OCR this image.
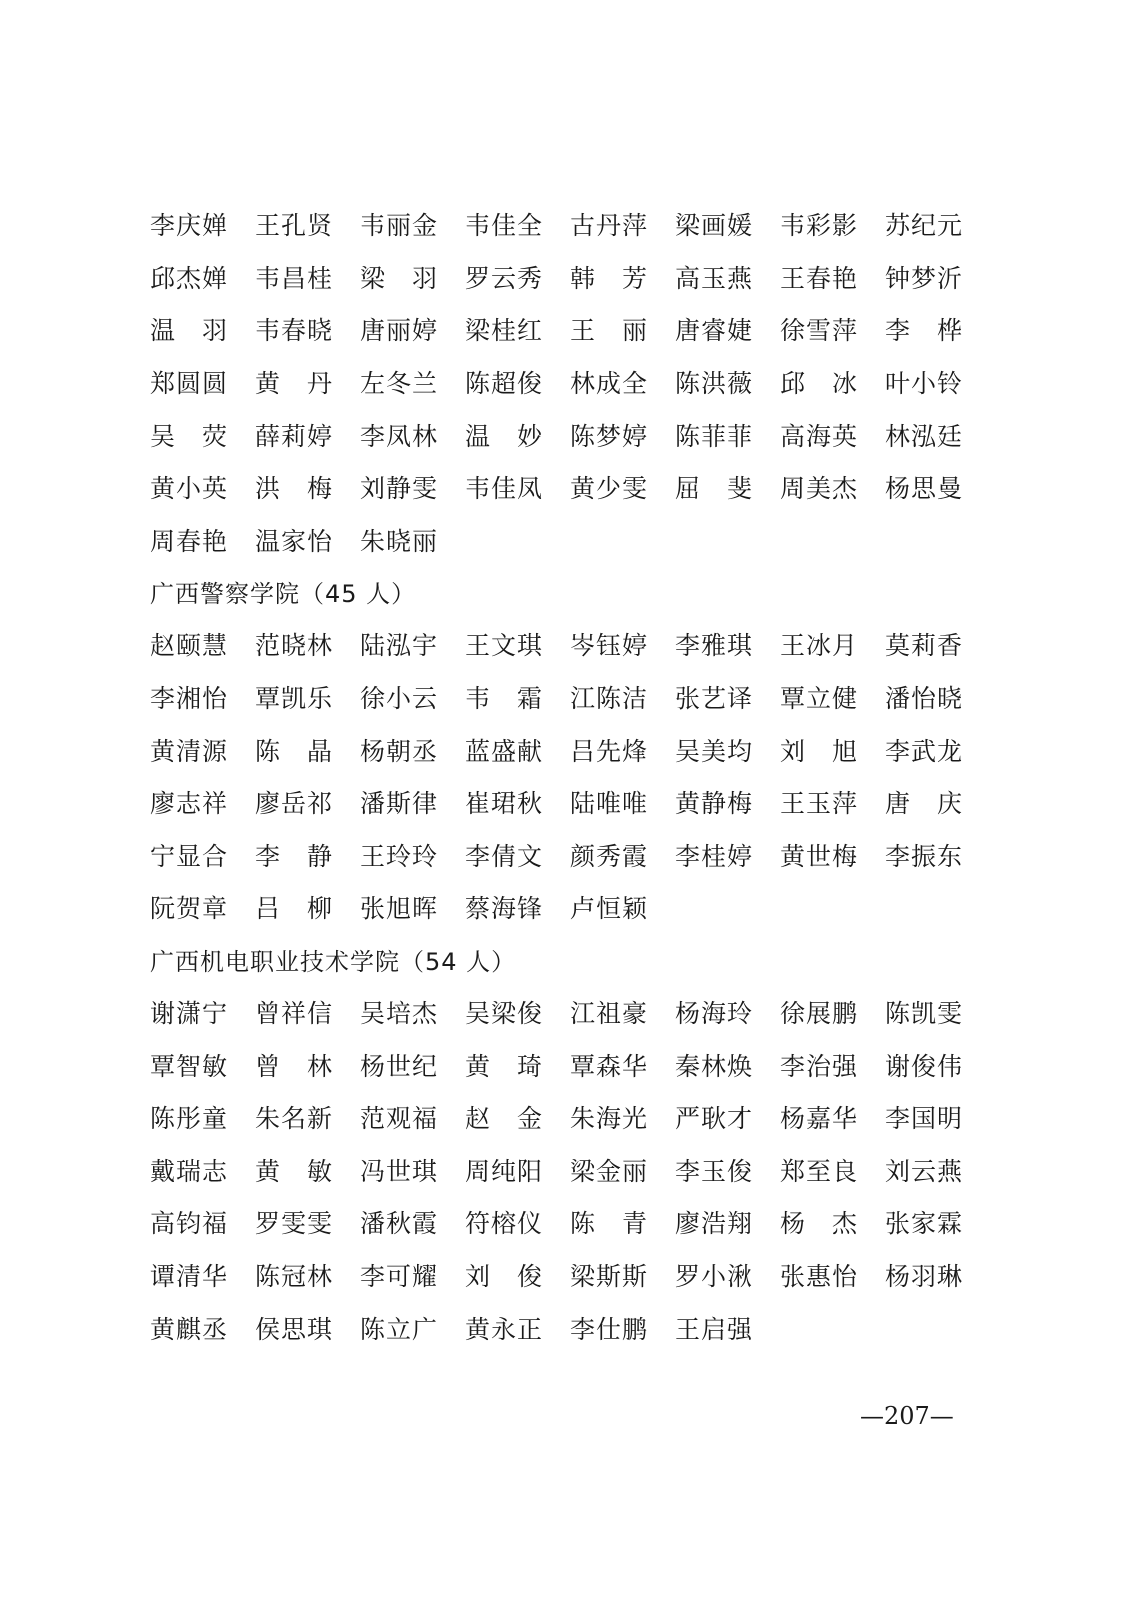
李庆婵	王孔贤	韦丽金	韦佳全	古丹萍	梁画媛	韦彩影	苏纪元
邱杰婵	韦昌桂	梁　羽	罗云秀	韩　芳	高玉燕	王春艳	钟梦沂
温　羽	韦春晓	唐丽婷	梁桂红	王　丽	唐睿婕	徐雪萍	李　桦
郑圆圆	黄　丹	左冬兰	陈超俊	林成全	陈洪薇	邱　冰	叶小铃
吴　荧	薛莉婷	李凤林	温　妙	陈梦婷	陈菲菲	高海英	林泓廷
黄小英	洪　梅	刘静雯	韦佳凤	黄少雯	屈　斐	周美杰	杨思曼
周春艳	温家怡	朱晓丽
广西警察学院（45 人）
赵颐慧	范晓林	陆泓宇	王文琪	岑钰婷	李雅琪	王冰月	莫莉香
李湘怡	覃凯乐	徐小云	韦　霜	江陈洁	张艺译	覃立健	潘怡晓
黄清源	陈　晶	杨朝丞	蓝盛献	吕先烽	吴美均	刘　旭	李武龙
廖志祥	廖岳祁	潘斯律	崔珺秋	陆唯唯	黄静梅	王玉萍	唐　庆
宁显合	李　静	王玲玲	李倩文	颜秀霞	李桂婷	黄世梅	李振东
阮贺章	吕　柳	张旭晖	蔡海锋	卢恒颖
广西机电职业技术学院（54 人）
谢潇宁	曾祥信	吴培杰	吴梁俊	江祖豪	杨海玲	徐展鹏	陈凯雯
覃智敏	曾　林	杨世纪	黄　琦	覃森华	秦林焕	李治强	谢俊伟
陈彤童	朱名新	范观福	赵　金	朱海光	严耿才	杨嘉华	李国明
戴瑞志	黄　敏	冯世琪	周纯阳	梁金丽	李玉俊	郑至良	刘云燕
高钧福	罗雯雯	潘秋霞	符榕仪	陈　青	廖浩翔	杨　杰	张家霖
谭清华	陈冠林	李可耀	刘　俊	梁斯斯	罗小湫	张惠怡	杨羽琳
黄麒丞	侯思琪	陈立广	黄永正	李仕鹏	王启强
—207—
